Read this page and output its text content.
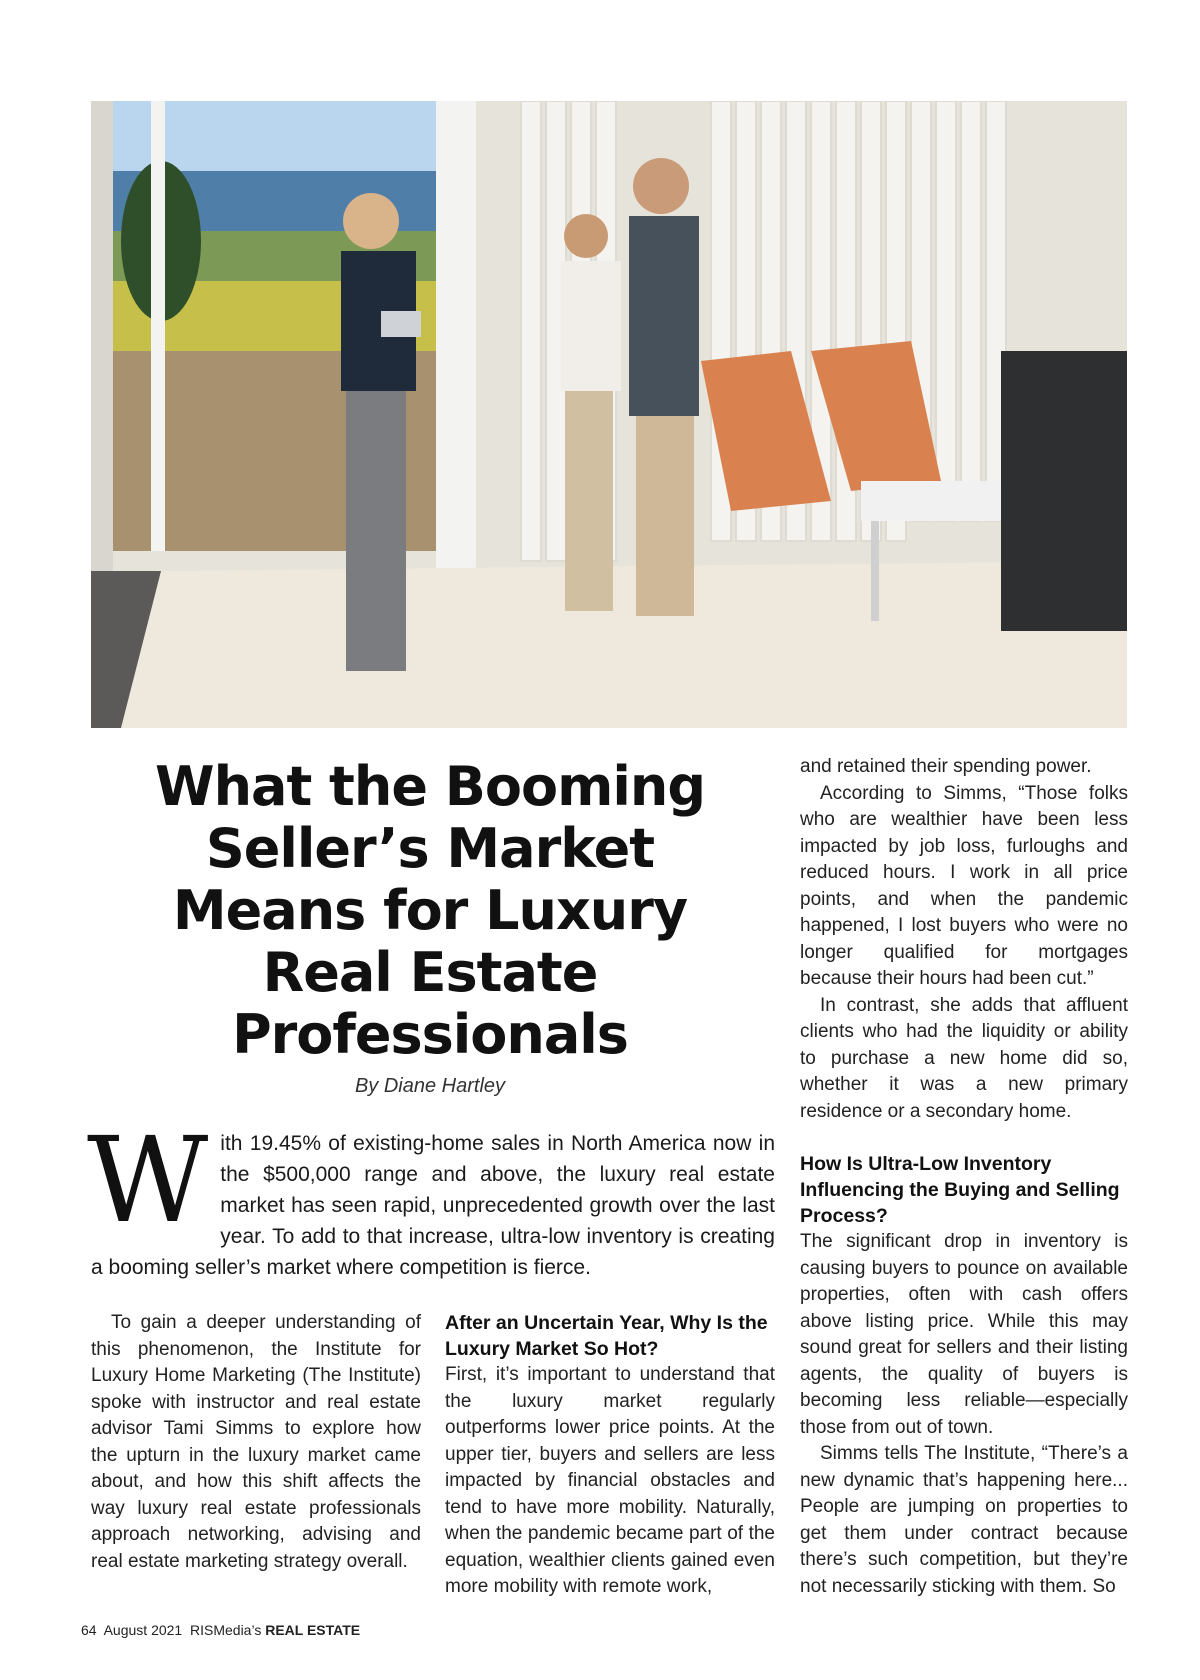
What the Booming
Seller’s Market
Means for Luxury
Real Estate
Professionals
By Diane Hartley
W ith 19.45% of existing-home sales in North America now in the $500,000 range and above, the luxury real estate market has seen rapid, unprecedented growth over the last year. To add to that increase, ultra-low inventory is creating a booming seller’s market where competition is fierce.

To gain a deeper understanding of this phenomenon, the Institute for Luxury Home Marketing (The Institute) spoke with instructor and real estate advisor Tami Simms to explore how the upturn in the luxury market came about, and how this shift affects the way luxury real estate professionals approach networking, advising and real estate marketing strategy overall.

After an Uncertain Year, Why Is the Luxury Market So Hot?

First, it’s important to understand that the luxury market regularly outperforms lower price points. At the upper tier, buyers and sellers are less impacted by financial obstacles and tend to have more mobility. Naturally, when the pandemic became part of the equation, wealthier clients gained even more mobility with remote work,

and retained their spending power.

According to Simms, “Those folks who are wealthier have been less impacted by job loss, furloughs and reduced hours. I work in all price points, and when the pandemic happened, I lost buyers who were no longer qualified for mortgages because their hours had been cut.”

In contrast, she adds that affluent clients who had the liquidity or ability to purchase a new home did so, whether it was a new primary residence or a secondary home.

How Is Ultra-Low Inventory Influencing the Buying and Selling Process?

The significant drop in inventory is causing buyers to pounce on available properties, often with cash offers above listing price. While this may sound great for sellers and their listing agents, the quality of buyers is becoming less reliable—especially those from out of town.

Simms tells The Institute, “There’s a new dynamic that’s happening here... People are jumping on properties to get them under contract because there’s such competition, but they’re not necessarily sticking with them. So

64 August 2021 RISMedia’s REAL ESTATE
